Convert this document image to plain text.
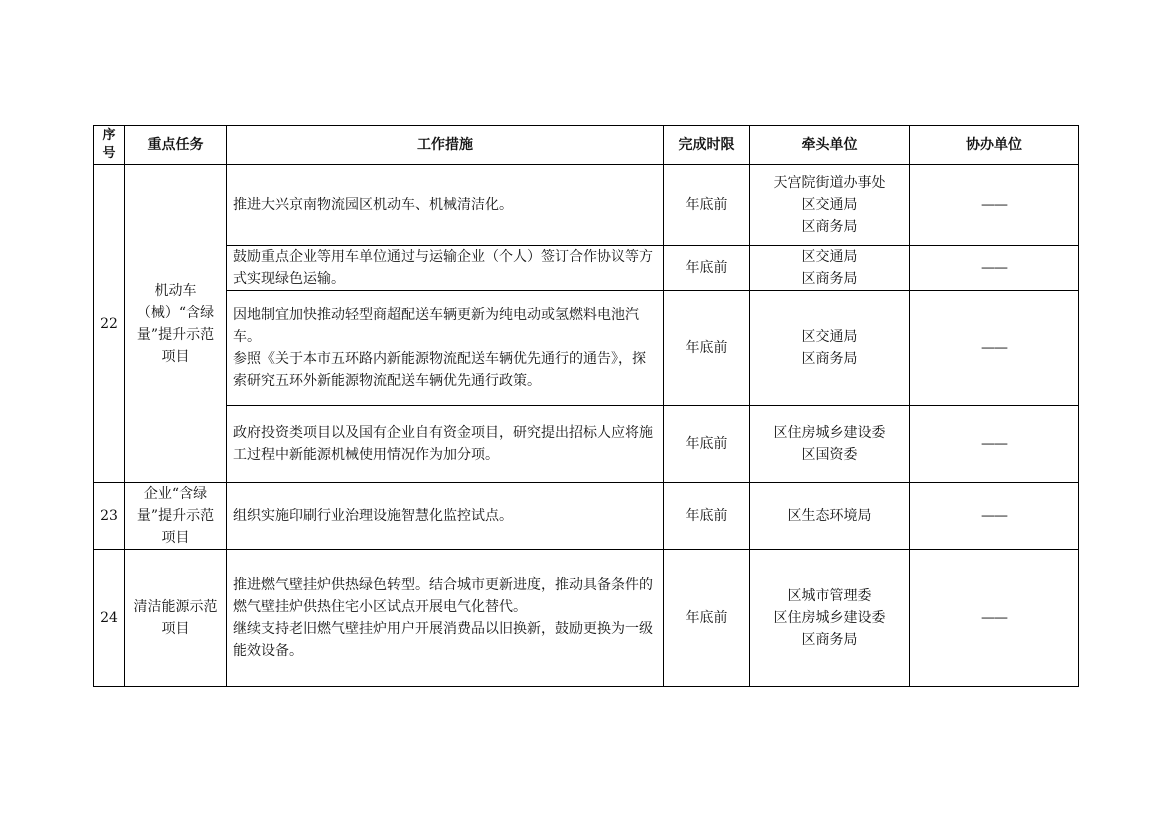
序号	重点任务	工作措施	完成时限	牵头单位	协办单位
22	机动车（械）“含绿量”提升示范项目	推进大兴京南物流园区机动车、机械清洁化。	年底前	天宫院街道办事处
区交通局
区商务局	——

		鼓励重点企业等用车单位通过与运输企业（个人）签订合作协议等方式实现绿色运输。	年底前	区交通局
区商务局	——

		因地制宜加快推动轻型商超配送车辆更新为纯电动或氢燃料电池汽车。
参照《关于本市五环路内新能源物流配送车辆优先通行的通告》，探索研究五环外新能源物流配送车辆优先通行政策。	年底前	区交通局
区商务局	——

		政府投资类项目以及国有企业自有资金项目，研究提出招标人应将施工过程中新能源机械使用情况作为加分项。	年底前	区住房城乡建设委
区国资委	——
23	企业“含绿量”提升示范项目	组织实施印刷行业治理设施智慧化监控试点。	年底前	区生态环境局	——
24	清洁能源示范项目	推进燃气壁挂炉供热绿色转型。结合城市更新进度，推动具备条件的燃气壁挂炉供热住宅小区试点开展电气化替代。
继续支持老旧燃气壁挂炉用户开展消费品以旧换新，鼓励更换为一级能效设备。	年底前	区城市管理委
区住房城乡建设委
区商务局	——
